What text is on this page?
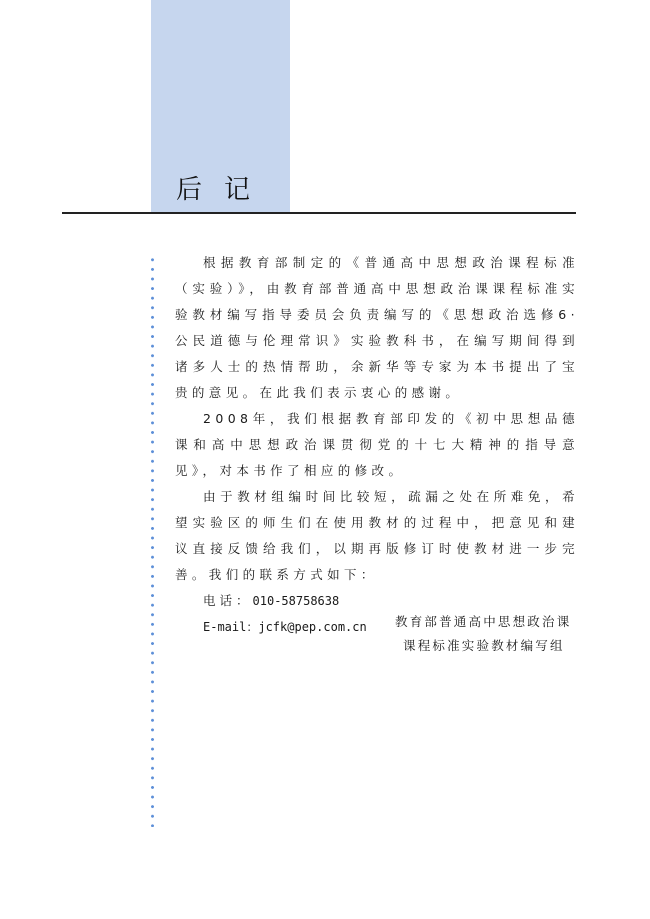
后记

根据教育部制定的《普通高中思想政治课程标准（实验）》，由教育部普通高中思想政治课课程标准实验教材编写指导委员会负责编写的《思想政治选修6·公民道德与伦理常识》实验教科书，在编写期间得到诸多人士的热情帮助，余新华等专家为本书提出了宝贵的意见。在此我们表示衷心的感谢。

2008年，我们根据教育部印发的《初中思想品德课和高中思想政治课贯彻党的十七大精神的指导意见》，对本书作了相应的修改。

由于教材组编时间比较短，疏漏之处在所难免，希望实验区的师生们在使用教材的过程中，把意见和建议直接反馈给我们，以期再版修订时使教材进一步完善。我们的联系方式如下：

电话：010-58758638
E-mail：jcfk@pep.com.cn	教育部普通高中思想政治课
课程标准实验教材编写组
